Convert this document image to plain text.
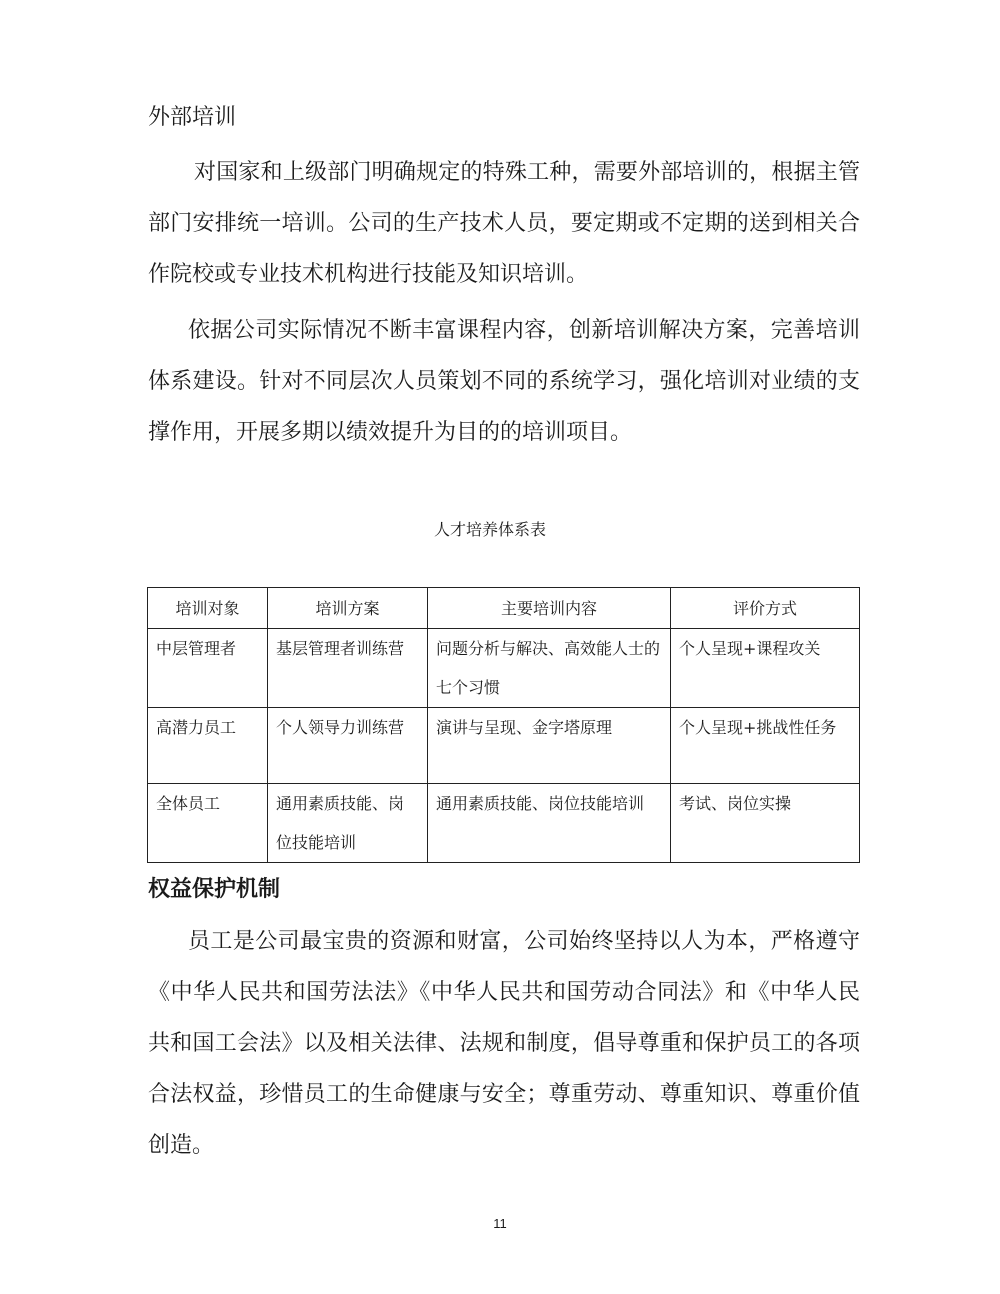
外部培训

对国家和上级部门明确规定的特殊工种，需要外部培训的，根据主管部门安排统一培训。公司的生产技术人员，要定期或不定期的送到相关合作院校或专业技术机构进行技能及知识培训。

依据公司实际情况不断丰富课程内容，创新培训解决方案，完善培训体系建设。针对不同层次人员策划不同的系统学习，强化培训对业绩的支撑作用，开展多期以绩效提升为目的的培训项目。

人才培养体系表
培训对象	培训方案	主要培训内容	评价方式
中层管理者	基层管理者训练营	问题分析与解决、高效能人士的七个习惯	个人呈现+课程攻关
高潜力员工	个人领导力训练营	演讲与呈现、金字塔原理	个人呈现+挑战性任务
全体员工	通用素质技能、岗位技能培训	通用素质技能、岗位技能培训	考试、岗位实操
权益保护机制

员工是公司最宝贵的资源和财富，公司始终坚持以人为本，严格遵守《中华人民共和国劳法法》《中华人民共和国劳动合同法》和《中华人民共和国工会法》以及相关法律、法规和制度，倡导尊重和保护员工的各项合法权益，珍惜员工的生命健康与安全；尊重劳动、尊重知识、尊重价值创造。

11
